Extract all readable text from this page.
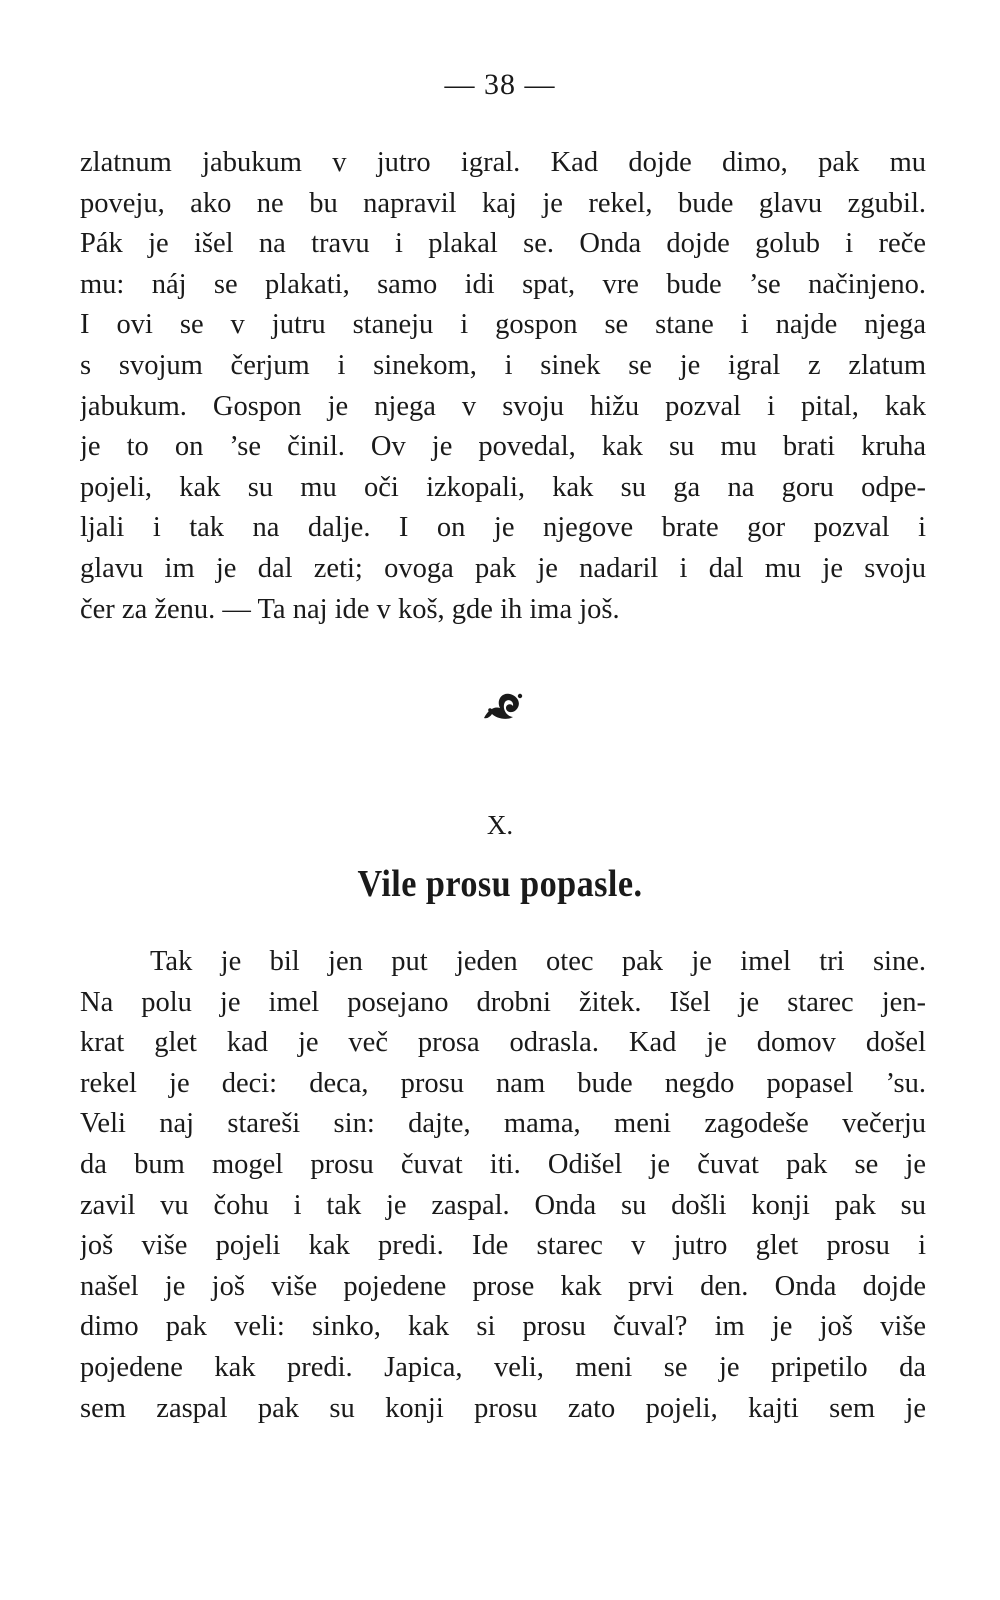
— 38 —
zlatnum jabukum v jutro igral. Kad dojde dimo, pak mu
poveju, ako ne bu napravil kaj je rekel, bude glavu zgubil.
Pák je išel na travu i plakal se. Onda dojde golub i reče
mu: náj se plakati, samo idi spat, vre bude ’se načinjeno.
I ovi se v jutru staneju i gospon se stane i najde njega
s svojum čerjum i sinekom, i sinek se je igral z zlatum
jabukum. Gospon je njega v svoju hižu pozval i pital, kak
je to on ’se činil. Ov je povedal, kak su mu brati kruha
pojeli, kak su mu oči izkopali, kak su ga na goru odpe-
ljali i tak na dalje. I on je njegove brate gor pozval i
glavu im je dal zeti; ovoga pak je nadaril i dal mu je svoju
čer za ženu. — Ta naj ide v koš, gde ih ima još.
X.
Vile prosu popasle.
Tak je bil jen put jeden otec pak je imel tri sine.
Na polu je imel posejano drobni žitek. Išel je starec jen-
krat glet kad je več prosa odrasla. Kad je domov došel
rekel je deci: deca, prosu nam bude negdo popasel ’su.
Veli naj stareši sin: dajte, mama, meni zagodeše večerju
da bum mogel prosu čuvat iti. Odišel je čuvat pak se je
zavil vu čohu i tak je zaspal. Onda su došli konji pak su
još više pojeli kak predi. Ide starec v jutro glet prosu i
našel je još više pojedene prose kak prvi den. Onda dojde
dimo pak veli: sinko, kak si prosu čuval? im je još više
pojedene kak predi. Japica, veli, meni se je pripetilo da
sem zaspal pak su konji prosu zato pojeli, kajti sem je
